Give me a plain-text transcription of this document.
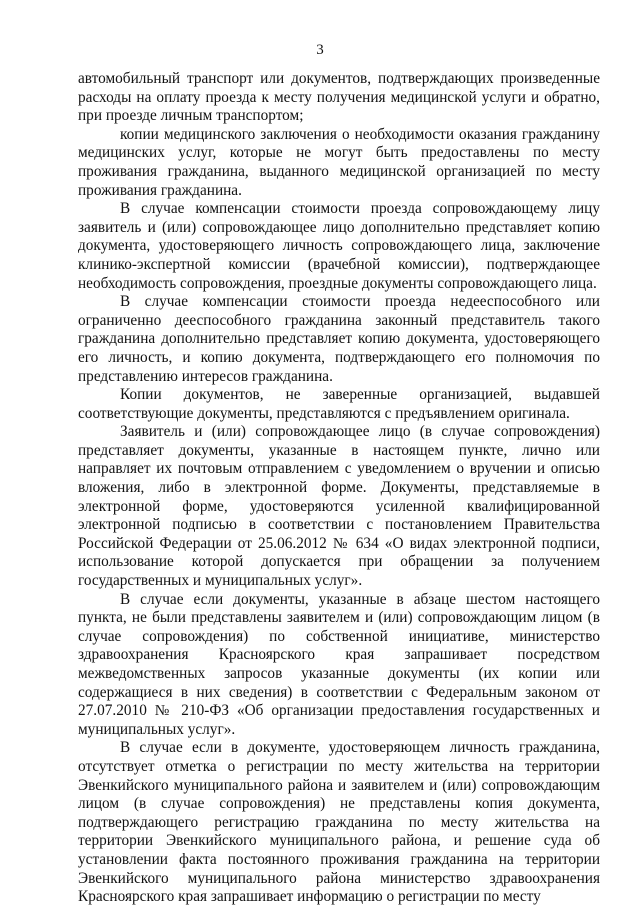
3

автомобильный транспорт или документов, подтверждающих произведенные расходы на оплату проезда к месту получения медицинской услуги и обратно, при проезде личным транспортом;

копии медицинского заключения о необходимости оказания гражданину медицинских услуг, которые не могут быть предоставлены по месту проживания гражданина, выданного медицинской организацией по месту проживания гражданина.

В случае компенсации стоимости проезда сопровождающему лицу заявитель и (или) сопровождающее лицо дополнительно представляет копию документа, удостоверяющего личность сопровождающего лица, заключение клинико-экспертной комиссии (врачебной комиссии), подтверждающее необходимость сопровождения, проездные документы сопровождающего лица.

В случае компенсации стоимости проезда недееспособного или ограниченно дееспособного гражданина законный представитель такого гражданина дополнительно представляет копию документа, удостоверяющего его личность, и копию документа, подтверждающего его полномочия по представлению интересов гражданина.

Копии документов, не заверенные организацией, выдавшей соответствующие документы, представляются с предъявлением оригинала.

Заявитель и (или) сопровождающее лицо (в случае сопровождения) представляет документы, указанные в настоящем пункте, лично или направляет их почтовым отправлением с уведомлением о вручении и описью вложения, либо в электронной форме. Документы, представляемые в электронной форме, удостоверяются усиленной квалифицированной электронной подписью в соответствии с постановлением Правительства Российской Федерации от 25.06.2012 № 634 «О видах электронной подписи, использование которой допускается при обращении за получением государственных и муниципальных услуг».

В случае если документы, указанные в абзаце шестом настоящего пункта, не были представлены заявителем и (или) сопровождающим лицом (в случае сопровождения) по собственной инициативе, министерство здравоохранения Красноярского края запрашивает посредством межведомственных запросов указанные документы (их копии или содержащиеся в них сведения) в соответствии с Федеральным законом от 27.07.2010 № 210-ФЗ «Об организации предоставления государственных и муниципальных услуг».

В случае если в документе, удостоверяющем личность гражданина, отсутствует отметка о регистрации по месту жительства на территории Эвенкийского муниципального района и заявителем и (или) сопровождающим лицом (в случае сопровождения) не представлены копия документа, подтверждающего регистрацию гражданина по месту жительства на территории Эвенкийского муниципального района, и решение суда об установлении факта постоянного проживания гражданина на территории Эвенкийского муниципального района министерство здравоохранения Красноярского края запрашивает информацию о регистрации по месту
